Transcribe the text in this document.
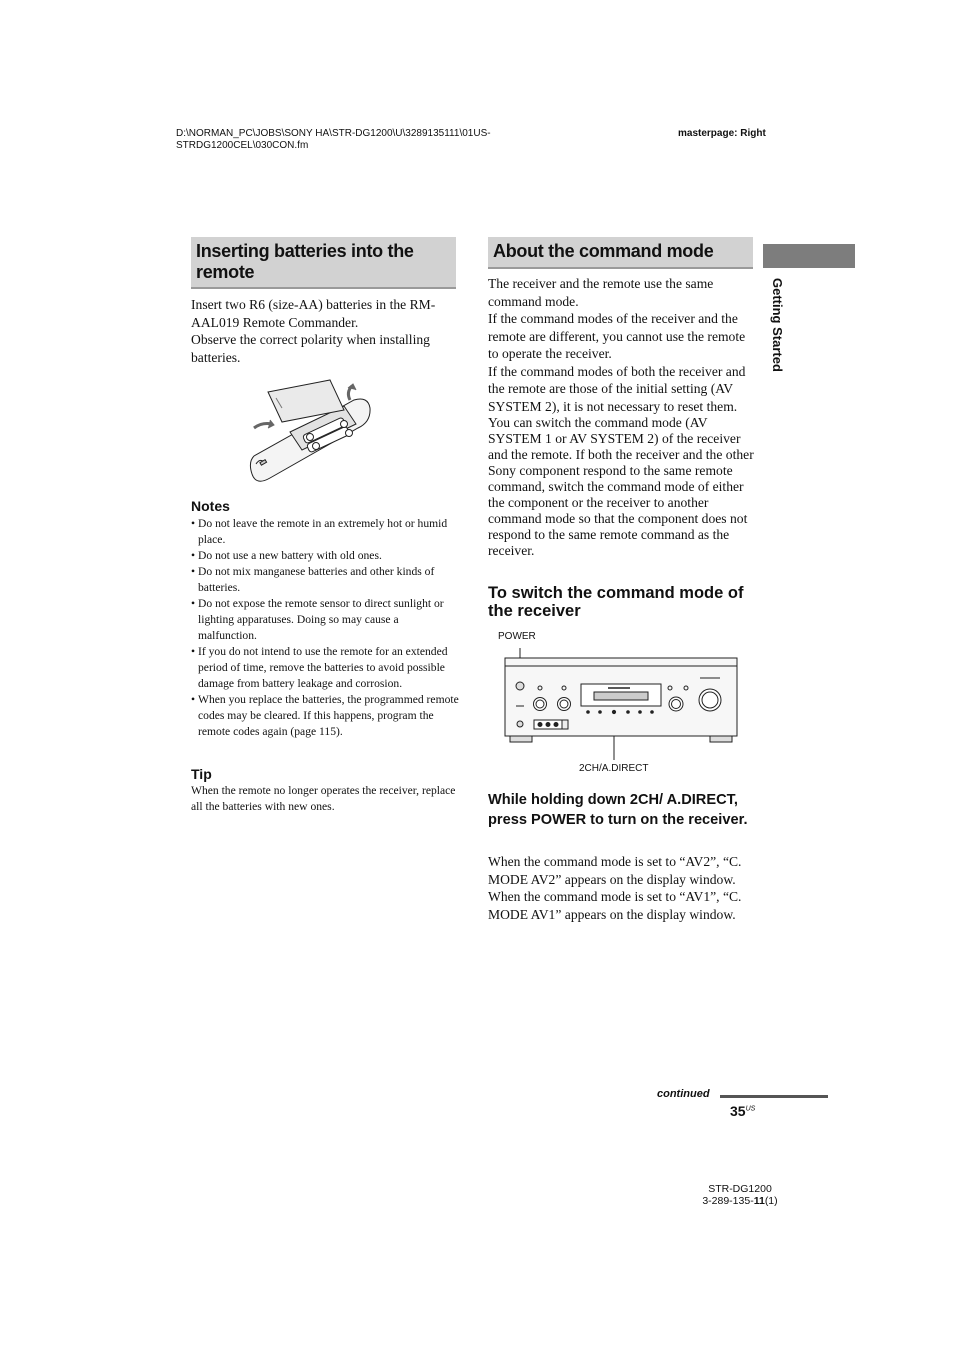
D:\NORMAN_PC\JOBS\SONY HA\STR-DG1200\U\3289135111\01US-
STRDG1200CEL\030CON.fm
masterpage: Right
Getting Started
Inserting batteries into the remote

Insert two R6 (size-AA) batteries in the RM-AAL019 Remote Commander.

Observe the correct polarity when installing batteries.

Notes
• Do not leave the remote in an extremely hot or humid place.
• Do not use a new battery with old ones.
• Do not mix manganese batteries and other kinds of batteries.
• Do not expose the remote sensor to direct sunlight or lighting apparatuses. Doing so may cause a malfunction.
• If you do not intend to use the remote for an extended period of time, remove the batteries to avoid possible damage from battery leakage and corrosion.
• When you replace the batteries, the programmed remote codes may be cleared. If this happens, program the remote codes again (page 115).
Tip
When the remote no longer operates the receiver, replace all the batteries with new ones.
About the command mode

The receiver and the remote use the same command mode.

If the command modes of the receiver and the remote are different, you cannot use the remote to operate the receiver.

If the command modes of both the receiver and the remote are those of the initial setting (AV SYSTEM 2), it is not necessary to reset them.

You can switch the command mode (AV SYSTEM 1 or AV SYSTEM 2) of the receiver and the remote. If both the receiver and the other Sony component respond to the same remote command, switch the command mode of either the component or the receiver to another command mode so that the component does not respond to the same remote command as the receiver.

To switch the command mode of the receiver
POWER
2CH/A.DIRECT
While holding down 2CH/ A.DIRECT, press POWER to turn on the receiver.

When the command mode is set to “AV2”, “C. MODE AV2” appears on the display window.

When the command mode is set to “AV1”, “C. MODE AV1” appears on the display window.

continued
$35^{US}$
STR-DG1200
3-289-135-11(1)
